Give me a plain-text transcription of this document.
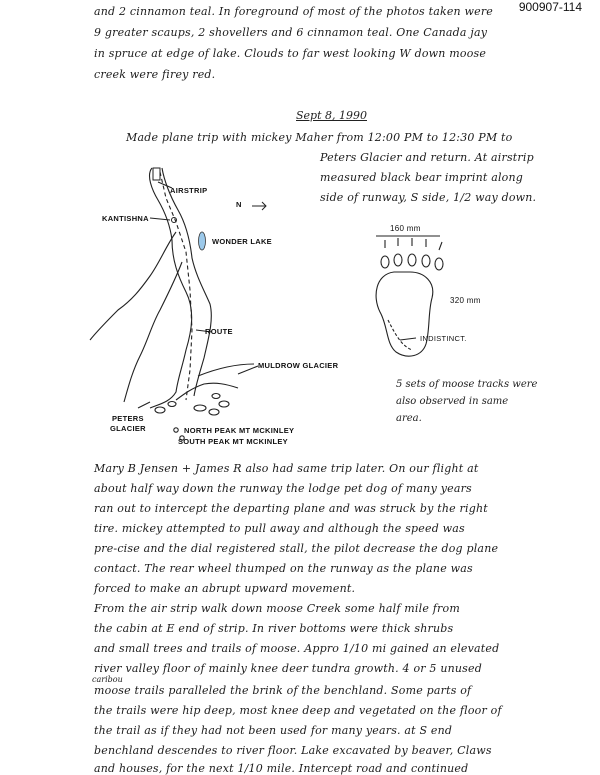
900907-114
and 2 cinnamon teal. In foreground of most of the photos taken were
9 greater scaups, 2 shovellers and 6 cinnamon teal. One Canada jay
in spruce at edge of lake. Clouds to far west looking W down moose
creek were firey red.
Sept 8, 1990
Made plane trip with mickey Maher from 12:00 PM to 12:30 PM to
Peters Glacier and return. At airstrip
measured black bear imprint along
side of runway, S side, 1/2 way down.
AIRSTRIP
N
KANTISHNA
WONDER LAKE
ROUTE
MULDROW GLACIER
PETERS
GLACIER	NORTH PEAK MT MCKINLEY
SOUTH PEAK MT MCKINLEY
160 mm
320 mm
INDISTINCT.
5 sets of moose tracks were
also observed in same
area.
Mary B Jensen + James R also had same trip later. On our flight at
about half way down the runway the lodge pet dog of many years
ran out to intercept the departing plane and was struck by the right
tire. mickey attempted to pull away and although the speed was
pre-cise and the dial registered stall, the pilot decrease the dog plane
contact. The rear wheel thumped on the runway as the plane was
forced to make an abrupt upward movement.
From the air strip walk down moose Creek some half mile from
the cabin at E end of strip. In river bottoms were thick shrubs
and small trees and trails of moose. Appro 1/10 mi gained an elevated
river valley floor of mainly knee deer tundra growth. 4 or 5 unused
caribou
moose trails paralleled the brink of the benchland. Some parts of
the trails were hip deep, most knee deep and vegetated on the floor of
the trail as if they had not been used for many years. at S end
benchland descendes to river floor. Lake excavated by beaver, Claws
and houses, for the next 1/10 mile. Intercept road and continued
